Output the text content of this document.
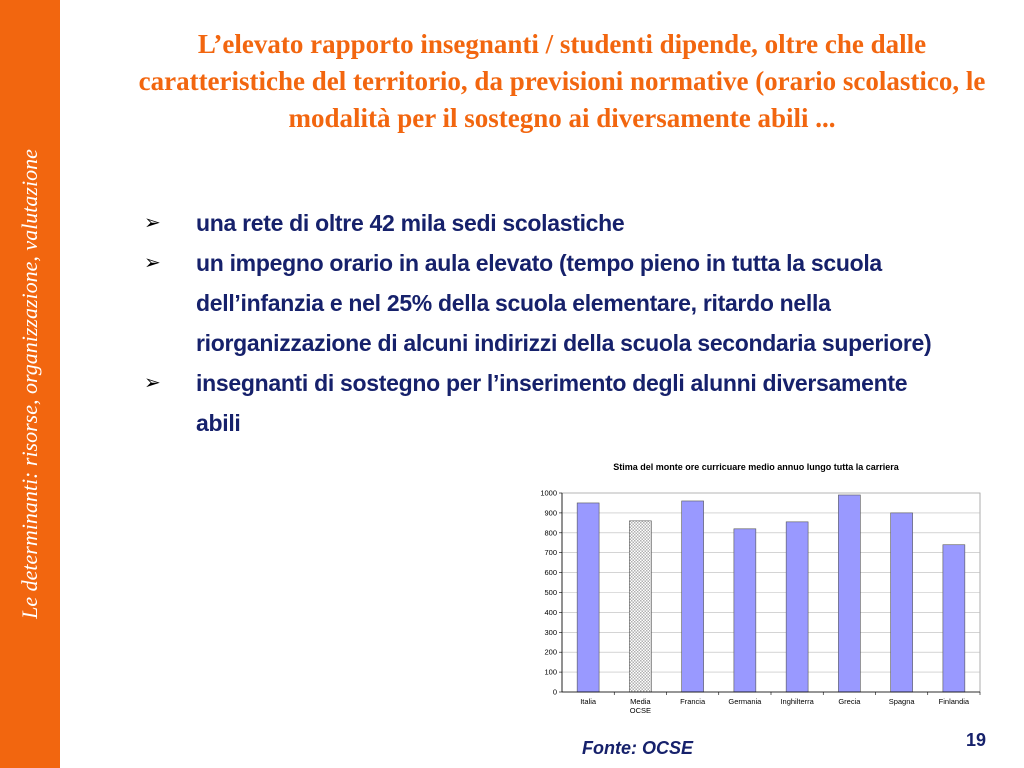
Le determinanti: risorse, organizzazione, valutazione
L’elevato rapporto insegnanti / studenti dipende, oltre che dalle caratteristiche del territorio, da previsioni normative (orario scolastico, le modalità per il sostegno ai diversamente abili ...
➢ una rete di oltre 42 mila sedi scolastiche
➢ un impegno orario in aula elevato (tempo pieno in tutta la scuola dell’infanzia e nel 25% della scuola elementare, ritardo nella riorganizzazione di alcuni indirizzi della scuola secondaria superiore)
➢ insegnanti di sostegno per l’inserimento degli alunni diversamente abili
Stima del monte ore curricuare medio annuo lungo tutta la carriera
0
100
200
300
400
500
600
700
800
900
1000
Italia	Media OCSE
Francia	Germania	Inghilterra	Grecia	Spagna	Finlandia
Fonte: OCSE	19
